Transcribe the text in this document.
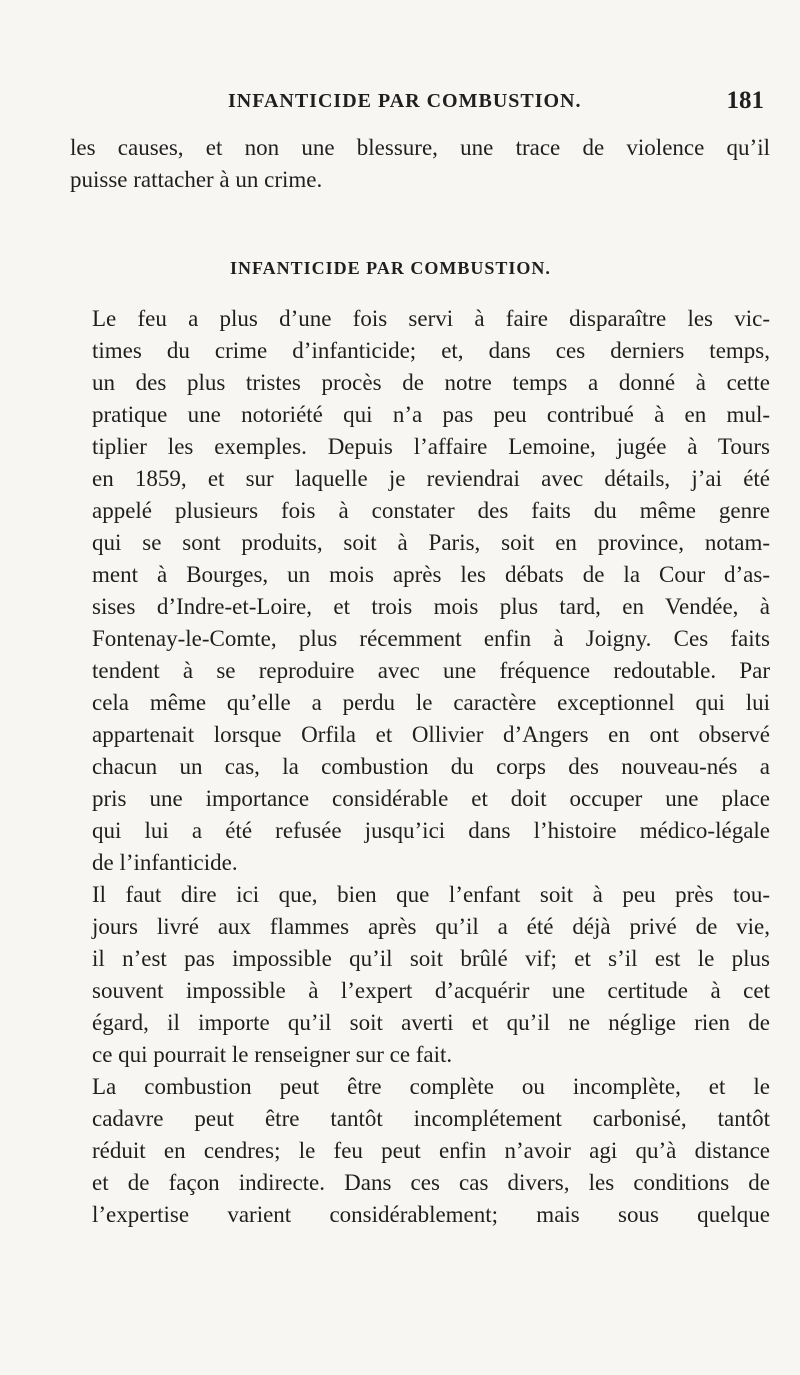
INFANTICIDE PAR COMBUSTION.	181
les causes, et non une blessure, une trace de violence qu’il
puisse rattacher à un crime.
INFANTICIDE PAR COMBUSTION.

Le feu a plus d’une fois servi à faire disparaître les vic-
times du crime d’infanticide; et, dans ces derniers temps,
un des plus tristes procès de notre temps a donné à cette
pratique une notoriété qui n’a pas peu contribué à en mul-
tiplier les exemples. Depuis l’affaire Lemoine, jugée à Tours
en 1859, et sur laquelle je reviendrai avec détails, j’ai été
appelé plusieurs fois à constater des faits du même genre
qui se sont produits, soit à Paris, soit en province, notam-
ment à Bourges, un mois après les débats de la Cour d’as-
sises d’Indre-et-Loire, et trois mois plus tard, en Vendée, à
Fontenay-le-Comte, plus récemment enfin à Joigny. Ces faits
tendent à se reproduire avec une fréquence redoutable. Par
cela même qu’elle a perdu le caractère exceptionnel qui lui
appartenait lorsque Orfila et Ollivier d’Angers en ont observé
chacun un cas, la combustion du corps des nouveau-nés a
pris une importance considérable et doit occuper une place
qui lui a été refusée jusqu’ici dans l’histoire médico-légale
de l’infanticide.

Il faut dire ici que, bien que l’enfant soit à peu près tou-
jours livré aux flammes après qu’il a été déjà privé de vie,
il n’est pas impossible qu’il soit brûlé vif; et s’il est le plus
souvent impossible à l’expert d’acquérir une certitude à cet
égard, il importe qu’il soit averti et qu’il ne néglige rien de
ce qui pourrait le renseigner sur ce fait.

La combustion peut être complète ou incomplète, et le
cadavre peut être tantôt incomplétement carbonisé, tantôt
réduit en cendres; le feu peut enfin n’avoir agi qu’à distance
et de façon indirecte. Dans ces cas divers, les conditions de
l’expertise varient considérablement; mais sous quelque
